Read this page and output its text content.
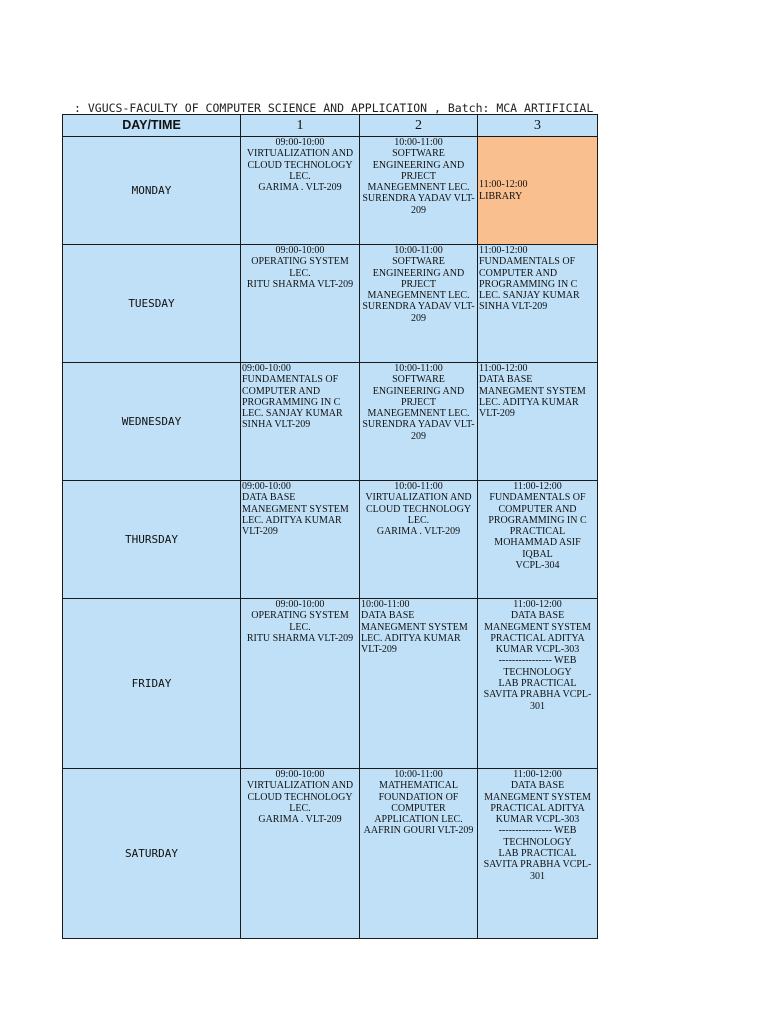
: VGUCS-FACULTY OF COMPUTER SCIENCE AND APPLICATION , Batch: MCA ARTIFICIAL

DAY/TIME	1	2	3
MONDAY	09:00-10:00
VIRTUALIZATION AND CLOUD TECHNOLOGY LEC.
GARIMA . VLT-209	10:00-11:00
SOFTWARE ENGINEERING AND PRJECT MANEGEMNENT LEC. SURENDRA YADAV VLT-209	11:00-12:00
LIBRARY
TUESDAY	09:00-10:00
OPERATING SYSTEM LEC.
RITU SHARMA VLT-209	10:00-11:00
SOFTWARE ENGINEERING AND PRJECT MANEGEMNENT LEC. SURENDRA YADAV VLT-209	11:00-12:00
FUNDAMENTALS OF COMPUTER AND PROGRAMMING IN C LEC. SANJAY KUMAR SINHA VLT-209
WEDNESDAY	09:00-10:00
FUNDAMENTALS OF COMPUTER AND PROGRAMMING IN C LEC. SANJAY KUMAR SINHA VLT-209	10:00-11:00
SOFTWARE ENGINEERING AND PRJECT MANEGEMNENT LEC. SURENDRA YADAV VLT-209	11:00-12:00
DATA BASE MANEGMENT SYSTEM LEC. ADITYA KUMAR VLT-209
THURSDAY	09:00-10:00
DATA BASE MANEGMENT SYSTEM LEC. ADITYA KUMAR VLT-209	10:00-11:00
VIRTUALIZATION AND CLOUD TECHNOLOGY LEC.
GARIMA . VLT-209	11:00-12:00
FUNDAMENTALS OF COMPUTER AND PROGRAMMING IN C PRACTICAL MOHAMMAD ASIF IQBAL
VCPL-304
FRIDAY	09:00-10:00
OPERATING SYSTEM LEC.
RITU SHARMA VLT-209	10:00-11:00
DATA BASE MANEGMENT SYSTEM LEC. ADITYA KUMAR VLT-209	11:00-12:00
DATA BASE MANEGMENT SYSTEM PRACTICAL ADITYA KUMAR VCPL-303
---------------- WEB TECHNOLOGY
LAB PRACTICAL
SAVITA PRABHA VCPL-301
SATURDAY	09:00-10:00
VIRTUALIZATION AND CLOUD TECHNOLOGY LEC.
GARIMA . VLT-209	10:00-11:00
MATHEMATICAL FOUNDATION OF COMPUTER APPLICATION LEC. AAFRIN GOURI VLT-209	11:00-12:00
DATA BASE MANEGMENT SYSTEM PRACTICAL ADITYA KUMAR VCPL-303
---------------- WEB TECHNOLOGY
LAB PRACTICAL
SAVITA PRABHA VCPL-301
